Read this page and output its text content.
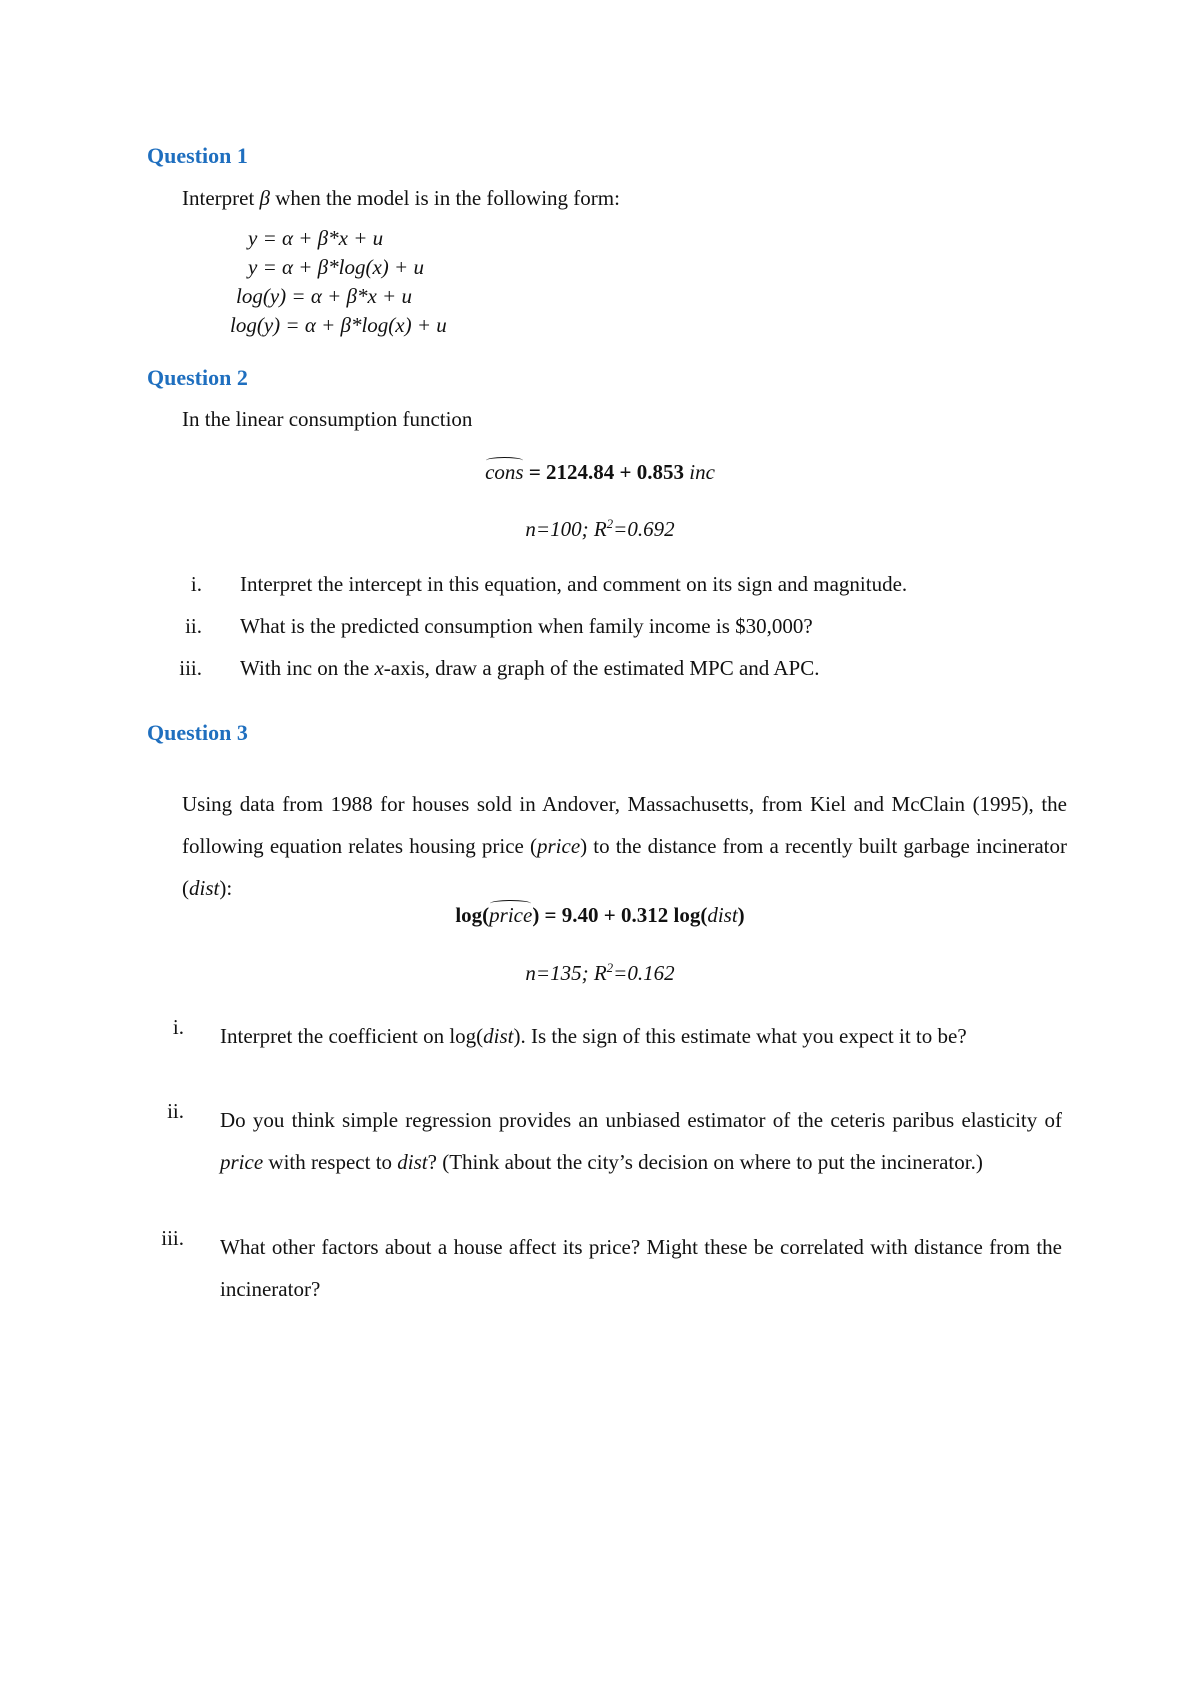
Question 1

Interpret β when the model is in the following form:

y = α + β*x + u
y = α + β*log(x) + u
log(y) = α + β*x + u
log(y) = α + β*log(x) + u
Question 2

In the linear consumption function

cons = 2124.84 + 0.853 inc
n=100; $R^2=0.692$
i. Interpret the intercept in this equation, and comment on its sign and magnitude.
ii. What is the predicted consumption when family income is $30,000?
iii. With inc on the x-axis, draw a graph of the estimated MPC and APC.
Question 3

Using data from 1988 for houses sold in Andover, Massachusetts, from Kiel and McClain (1995), the following equation relates housing price (price) to the distance from a recently built garbage incinerator (dist):

log(price) = 9.40 + 0.312 log(dist)
n=135; $R^2=0.162$
i. Interpret the coefficient on log(dist). Is the sign of this estimate what you expect it to be?
ii. Do you think simple regression provides an unbiased estimator of the ceteris paribus elasticity of price with respect to dist? (Think about the city’s decision on where to put the incinerator.)
iii. What other factors about a house affect its price? Might these be correlated with distance from the incinerator?
